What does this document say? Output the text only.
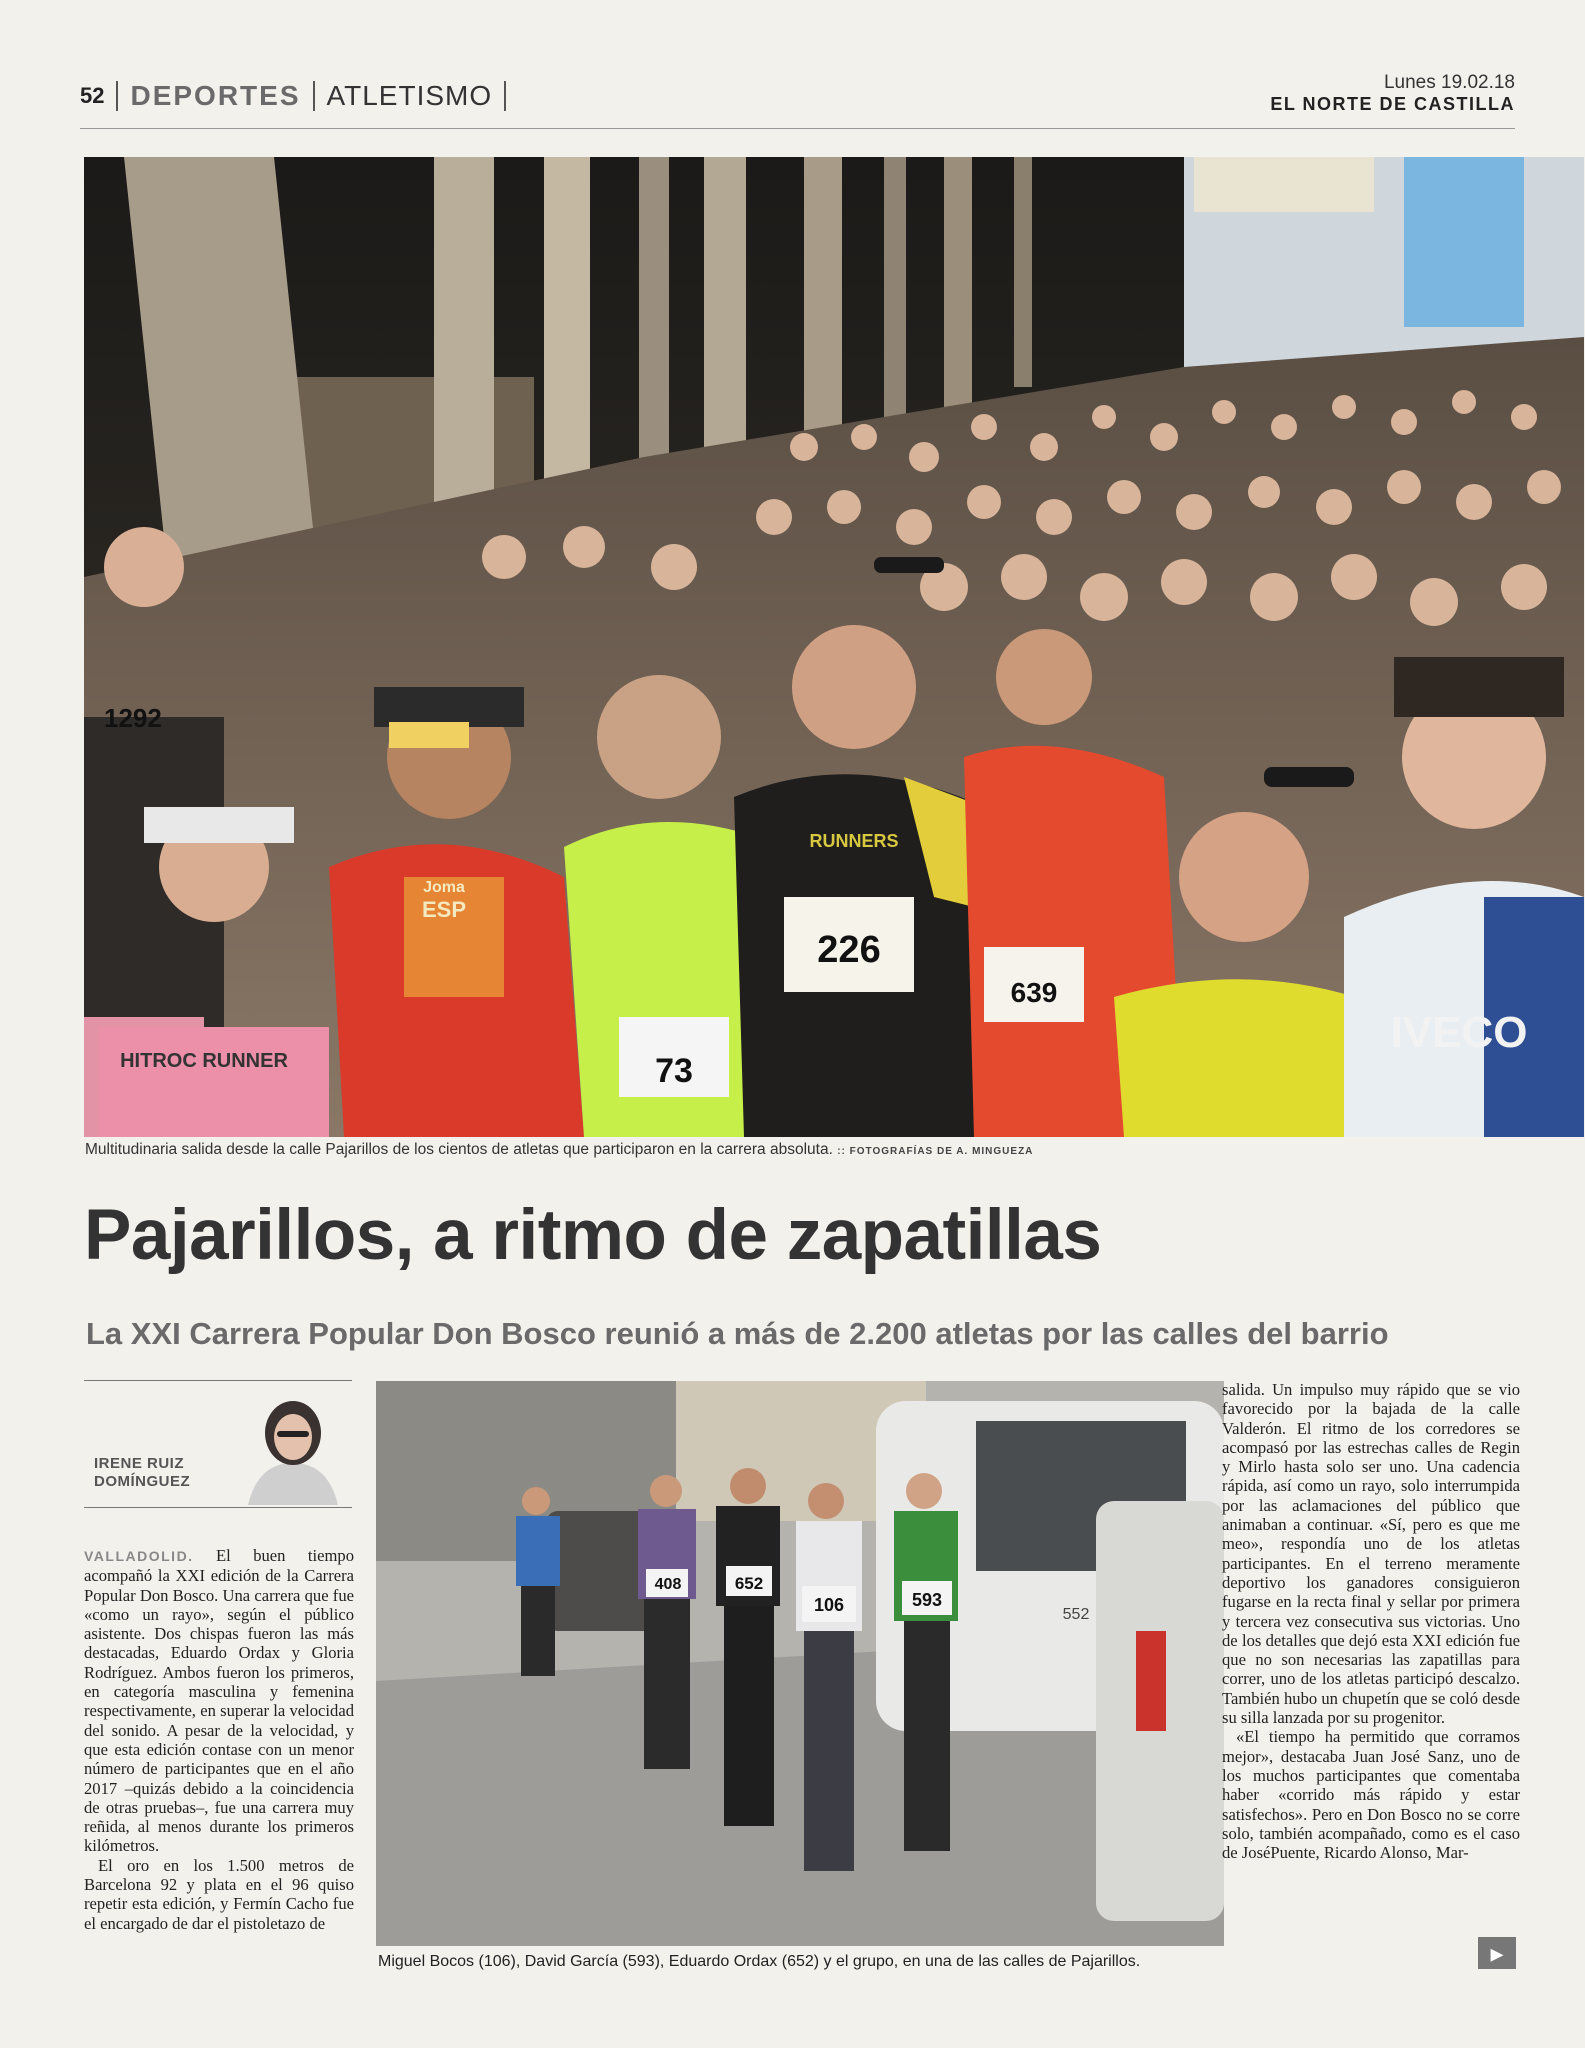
52 DEPORTES ATLETISMO	Lunes 19.02.18
EL NORTE DE CASTILLA
226
73
639
1292
ESP
Joma
RUNNERS
HITROC RUNNER
IVECO
Multitudinaria salida desde la calle Pajarillos de los cientos de atletas que participaron en la carrera absoluta. :: FOTOGRAFÍAS DE A. MINGUEZA
Pajarillos, a ritmo de zapatillas
La XXI Carrera Popular Don Bosco reunió a más de 2.200 atletas por las calles del barrio
IRENE RUIZ
DOMÍNGUEZ

VALLADOLID. El buen tiempo acompañó la XXI edición de la Carrera Popular Don Bosco. Una carrera que fue «como un rayo», según el público asistente. Dos chispas fueron las más destacadas, Eduardo Ordax y Gloria Rodríguez. Ambos fueron los primeros, en categoría masculina y femenina respectivamente, en superar la velocidad del sonido. A pesar de la velocidad, y que esta edición contase con un menor número de participantes que en el año 2017 –quizás debido a la coincidencia de otras pruebas–, fue una carrera muy reñida, al menos durante los primeros kilómetros.

El oro en los 1.500 metros de Barcelona 92 y plata en el 96 quiso repetir esta edición, y Fermín Cacho fue el encargado de dar el pistoletazo de

408	652
106	593
552
Miguel Bocos (106), David García (593), Eduardo Ordax (652) y el grupo, en una de las calles de Pajarillos.

salida. Un impulso muy rápido que se vio favorecido por la bajada de la calle Valderón. El ritmo de los corredores se acompasó por las estrechas calles de Regin y Mirlo hasta solo ser uno. Una cadencia rápida, así como un rayo, solo interrumpida por las aclamaciones del público que animaban a continuar. «Sí, pero es que me meo», respondía uno de los atletas participantes. En el terreno meramente deportivo los ganadores consiguieron fugarse en la recta final y sellar por primera y tercera vez consecutiva sus victorias. Uno de los detalles que dejó esta XXI edición fue que no son necesarias las zapatillas para correr, uno de los atletas participó descalzo. También hubo un chupetín que se coló desde su silla lanzada por su progenitor.

«El tiempo ha permitido que corramos mejor», destacaba Juan José Sanz, uno de los muchos participantes que comentaba haber «corrido más rápido y estar satisfechos». Pero en Don Bosco no se corre solo, también acompañado, como es el caso de JoséPuente, Ricardo Alonso, Mar-

▸
